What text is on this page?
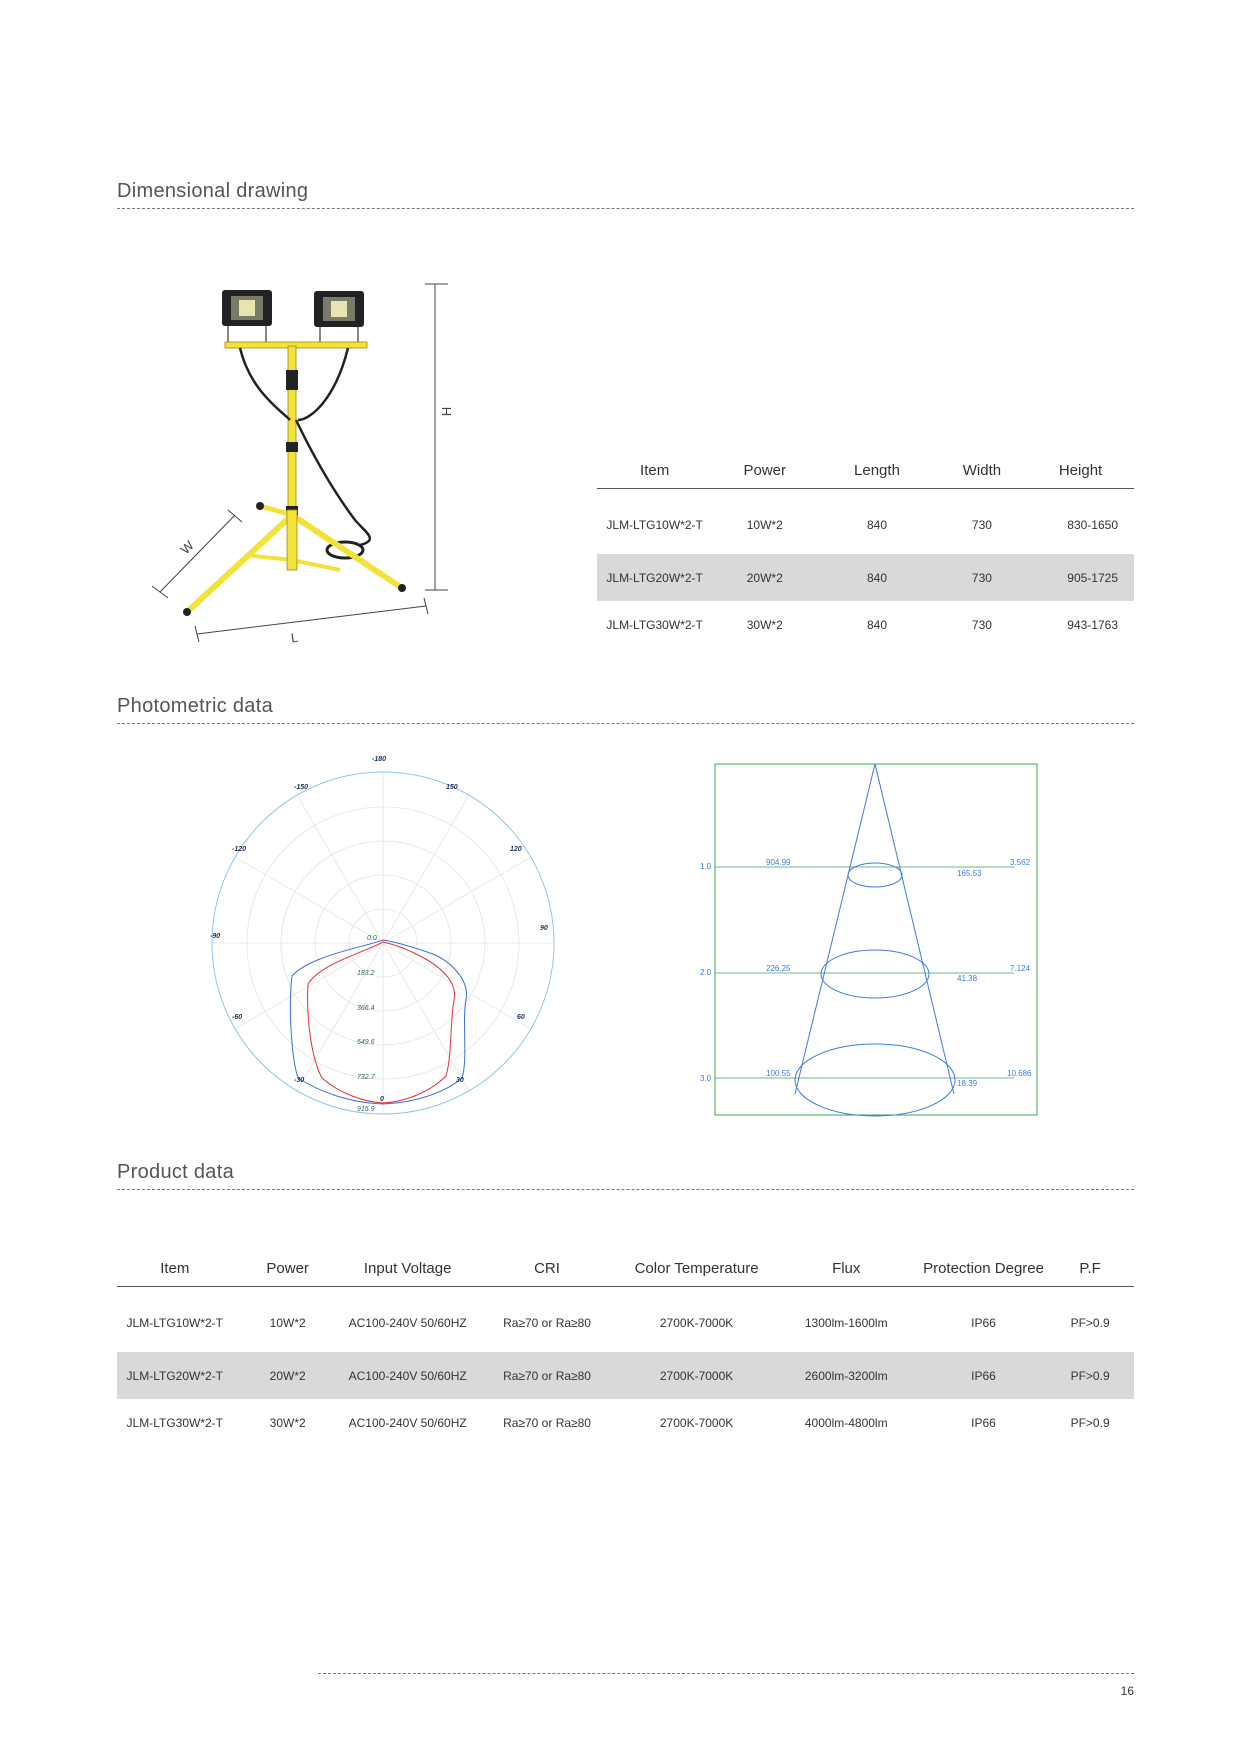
Dimensional drawing
H
W
L
Item	Power	Length	Width	Height
JLM-LTG10W*2-T	10W*2	840	730	830-1650
JLM-LTG20W*2-T	20W*2	840	730	905-1725
JLM-LTG30W*2-T	30W*2	840	730	943-1763
Photometric data
-180
-150	150
-120	120
-90
90
-60	60
-30	30
0
0.0
183.2
366.4
549.6
732.7
915.9
1.0
2.0
3.0
904.99
226.25
100.55
165.53
41.38
18.39
3.562
7.124
10.686
Product data
Item	Power	Input Voltage	CRI	Color Temperature	Flux	Protection Degree	P.F
JLM-LTG10W*2-T	10W*2	AC100-240V 50/60HZ	Ra≥70 or Ra≥80	2700K-7000K	1300lm-1600lm	IP66	PF>0.9
JLM-LTG20W*2-T	20W*2	AC100-240V 50/60HZ	Ra≥70 or Ra≥80	2700K-7000K	2600lm-3200lm	IP66	PF>0.9
JLM-LTG30W*2-T	30W*2	AC100-240V 50/60HZ	Ra≥70 or Ra≥80	2700K-7000K	4000lm-4800lm	IP66	PF>0.9
16
